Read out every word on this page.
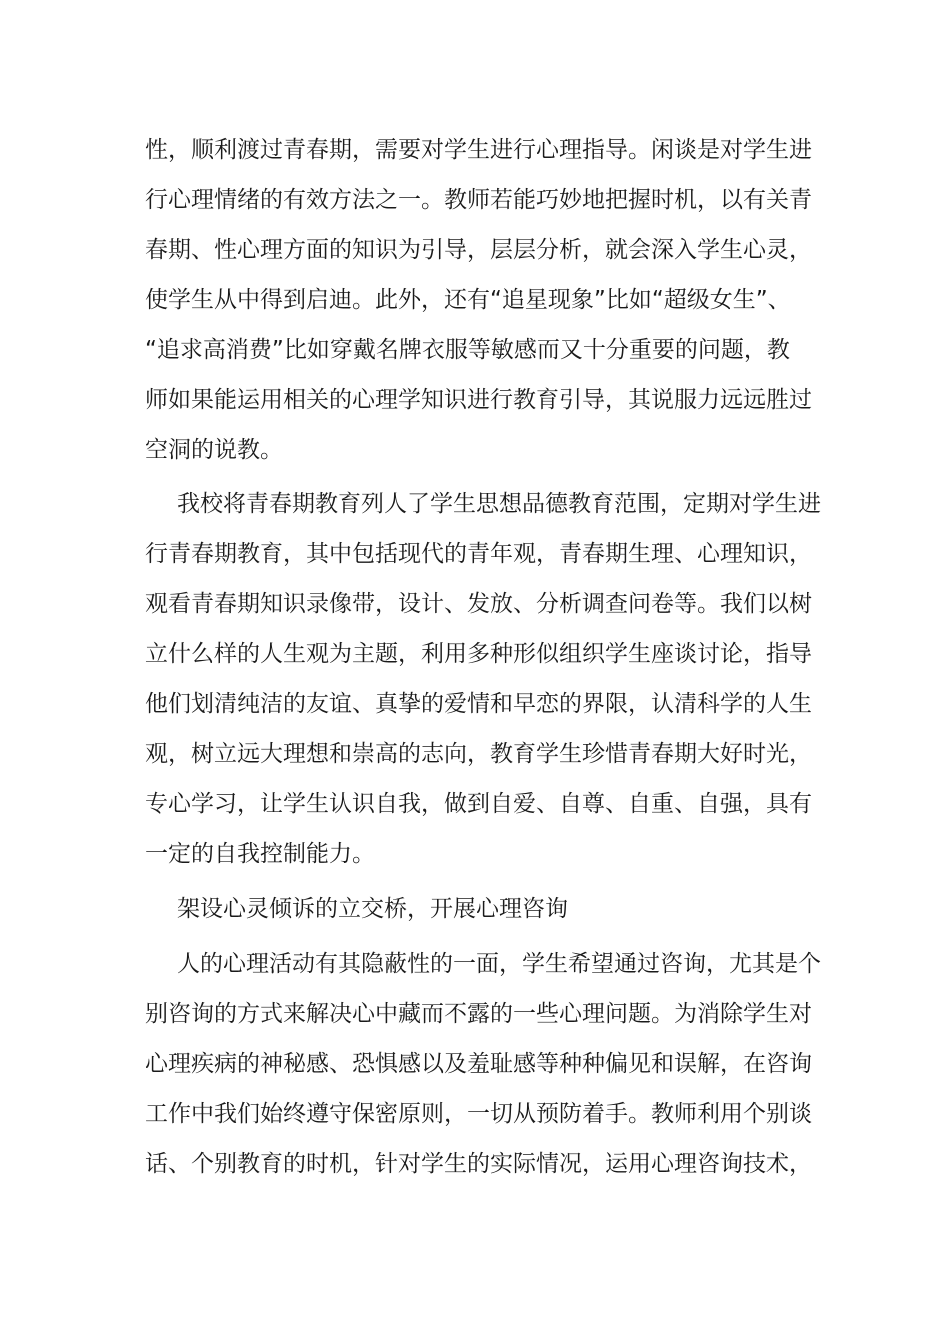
性，顺利渡过青春期，需要对学生进行心理指导。闲谈是对学生进
行心理情绪的有效方法之一。教师若能巧妙地把握时机，以有关青
春期、性心理方面的知识为引导，层层分析，就会深入学生心灵，
使学生从中得到启迪。此外，还有“追星现象”比如“超级女生”、
“追求高消费”比如穿戴名牌衣服等敏感而又十分重要的问题，教
师如果能运用相关的心理学知识进行教育引导，其说服力远远胜过
空洞的说教。
我校将青春期教育列人了学生思想品德教育范围，定期对学生进
行青春期教育，其中包括现代的青年观，青春期生理、心理知识，
观看青春期知识录像带，设计、发放、分析调查问卷等。我们以树
立什么样的人生观为主题，利用多种形似组织学生座谈讨论，指导
他们划清纯洁的友谊、真挚的爱情和早恋的界限，认清科学的人生
观，树立远大理想和崇高的志向，教育学生珍惜青春期大好时光，
专心学习，让学生认识自我，做到自爱、自尊、自重、自强，具有
一定的自我控制能力。
架设心灵倾诉的立交桥，开展心理咨询
人的心理活动有其隐蔽性的一面，学生希望通过咨询，尤其是个
别咨询的方式来解决心中藏而不露的一些心理问题。为消除学生对
心理疾病的神秘感、恐惧感以及羞耻感等种种偏见和误解，在咨询
工作中我们始终遵守保密原则，一切从预防着手。教师利用个别谈
话、个别教育的时机，针对学生的实际情况，运用心理咨询技术，
